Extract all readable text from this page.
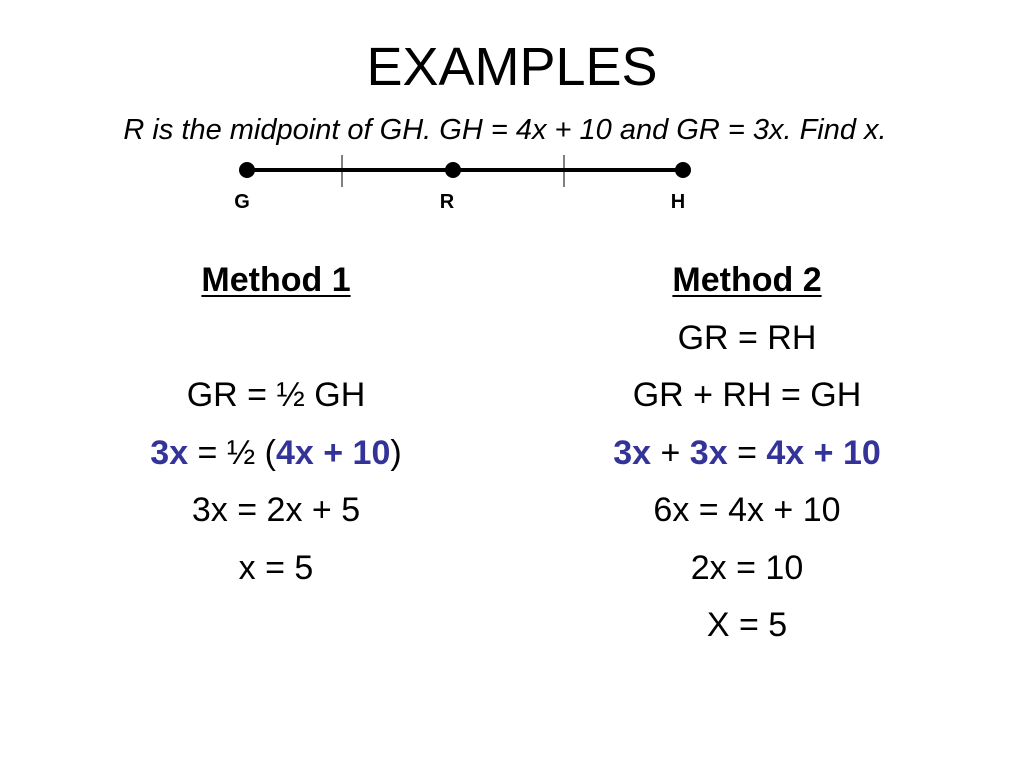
EXAMPLES
R is the midpoint of GH. GH = 4x + 10 and GR = 3x. Find x.
G	R	H
Method 1
GR = ½ GH
3x = ½ (4x + 10)
3x = 2x + 5
x = 5
Method 2
GR = RH
GR + RH = GH
3x + 3x = 4x + 10
6x = 4x + 10
2x = 10
X = 5
